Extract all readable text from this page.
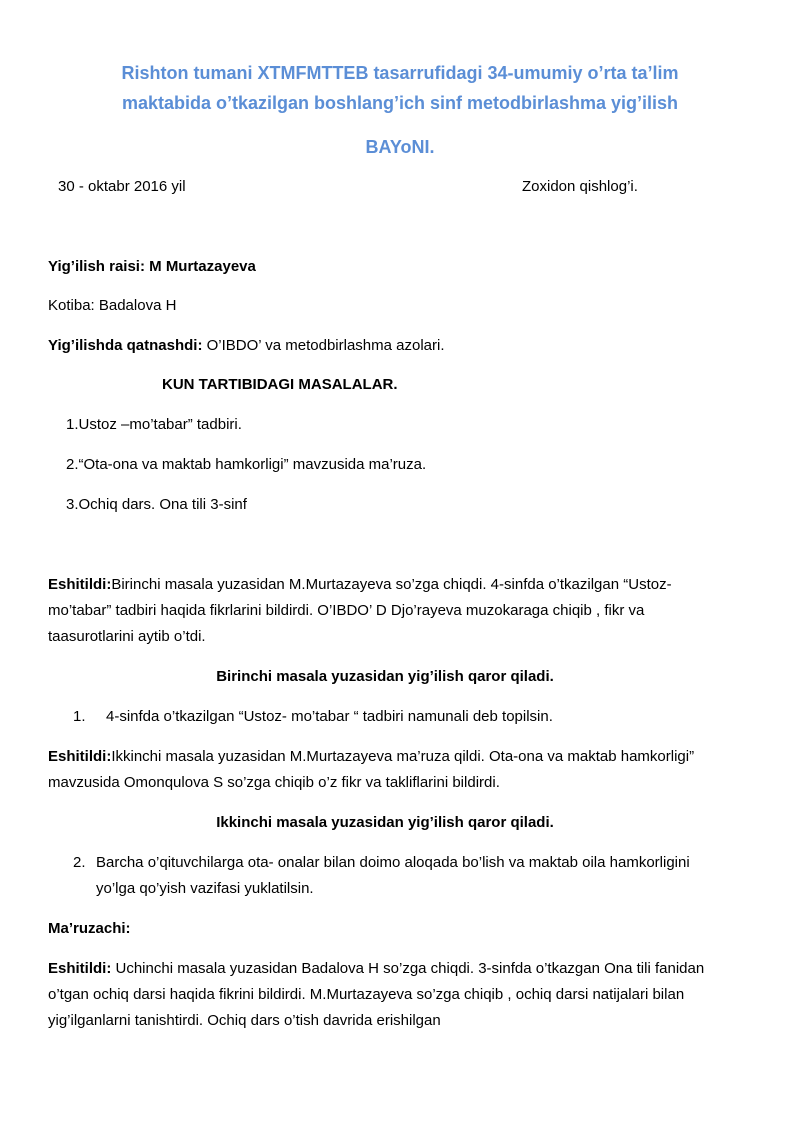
Rishton tumani XTMFMTTEB tasarrufidagi 34-umumiy o’rta ta’lim
maktabida o’tkazilgan boshlang’ich sinf metodbirlashma yig’ilish
BAYoNI.
30 - oktabr 2016 yil	Zoxidon qishlog’i.
Yig’ilish raisi: M Murtazayeva
Kotiba: Badalova H
Yig’ilishda qatnashdi: O’IBDO’ va metodbirlashma azolari.
KUN TARTIBIDAGI MASALALAR.
1.Ustoz –mo’tabar” tadbiri.
2.“Ota-ona va maktab hamkorligi” mavzusida ma’ruza.
3.Ochiq dars. Ona tili 3-sinf
Eshitildi:Birinchi masala yuzasidan M.Murtazayeva so’zga chiqdi. 4-sinfda o’tkazilgan “Ustoz- mo’tabar” tadbiri haqida fikrlarini bildirdi. O’IBDO’ D Djo’rayeva muzokaraga chiqib , fikr va taasurotlarini aytib o’tdi.
Birinchi masala yuzasidan yig’ilish qaror qiladi.
1. 4-sinfda o’tkazilgan “Ustoz- mo’tabar “ tadbiri namunali deb topilsin.
Eshitildi:Ikkinchi masala yuzasidan M.Murtazayeva ma’ruza qildi. Ota-ona va maktab hamkorligi” mavzusida Omonqulova S so’zga chiqib o’z fikr va takliflarini bildirdi.
Ikkinchi masala yuzasidan yig’ilish qaror qiladi.
2. Barcha o’qituvchilarga ota- onalar bilan doimo aloqada bo’lish va maktab oila hamkorligini yo’lga qo’yish vazifasi yuklatilsin.
Ma’ruzachi:
Eshitildi: Uchinchi masala yuzasidan Badalova H so’zga chiqdi. 3-sinfda o’tkazgan Ona tili fanidan o’tgan ochiq darsi haqida fikrini bildirdi. M.Murtazayeva so’zga chiqib , ochiq darsi natijalari bilan yig’ilganlarni tanishtirdi. Ochiq dars o’tish davrida erishilgan
